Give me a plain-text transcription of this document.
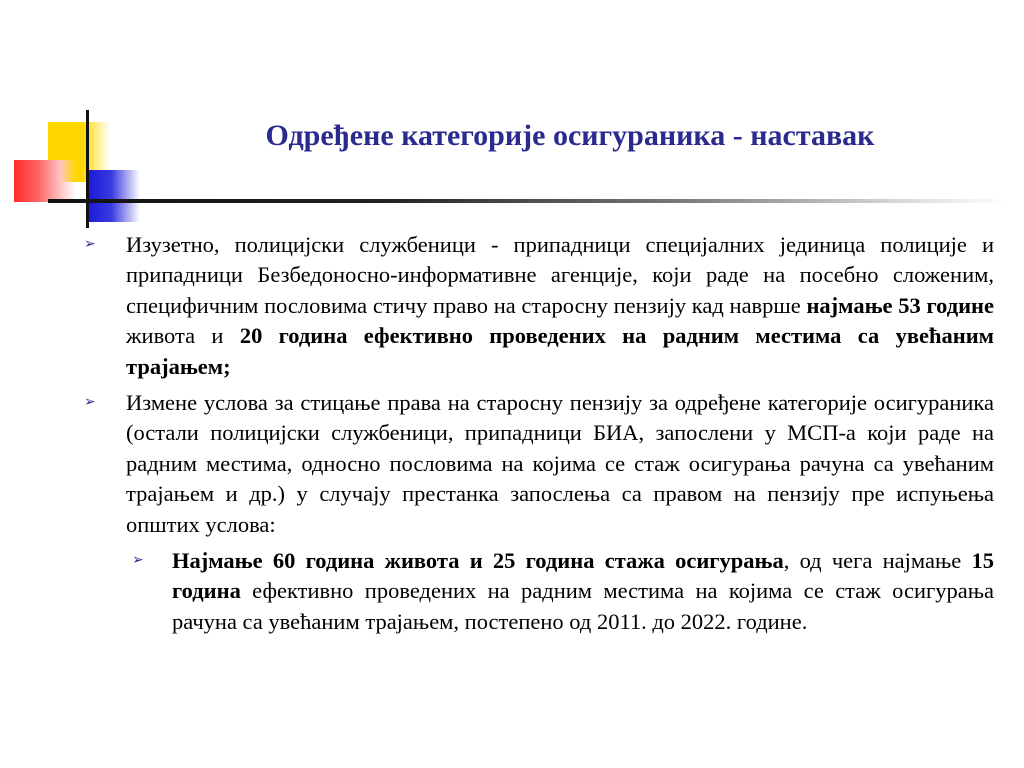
Одређене категорије осигураника - наставак
➢ Изузетно, полицијски службеници - припадници специјалних јединица полиције и припадници Безбедоносно-информативне агенције, који раде на посебно сложеним, специфичним пословима стичу право на старосну пензију кад наврше најмање 53 године живота и 20 година ефективно проведених на радним местима са увећаним трајањем;
➢ Измене услова за стицање права на старосну пензију за одређене категорије осигураника (остали полицијски службеници, припадници БИА, запослени у МСП-а који раде на радним местима, односно пословима на којима се стаж осигурања рачуна са увећаним трајањем и др.) у случају престанка запослења са правом на пензију пре испуњења општих услова:
➢ Најмање 60 година живота и 25 година стажа осигурања, од чега најмање 15 година ефективно проведених на радним местима на којима се стаж осигурања рачуна са увећаним трајањем, постепено од 2011. до 2022. године.
